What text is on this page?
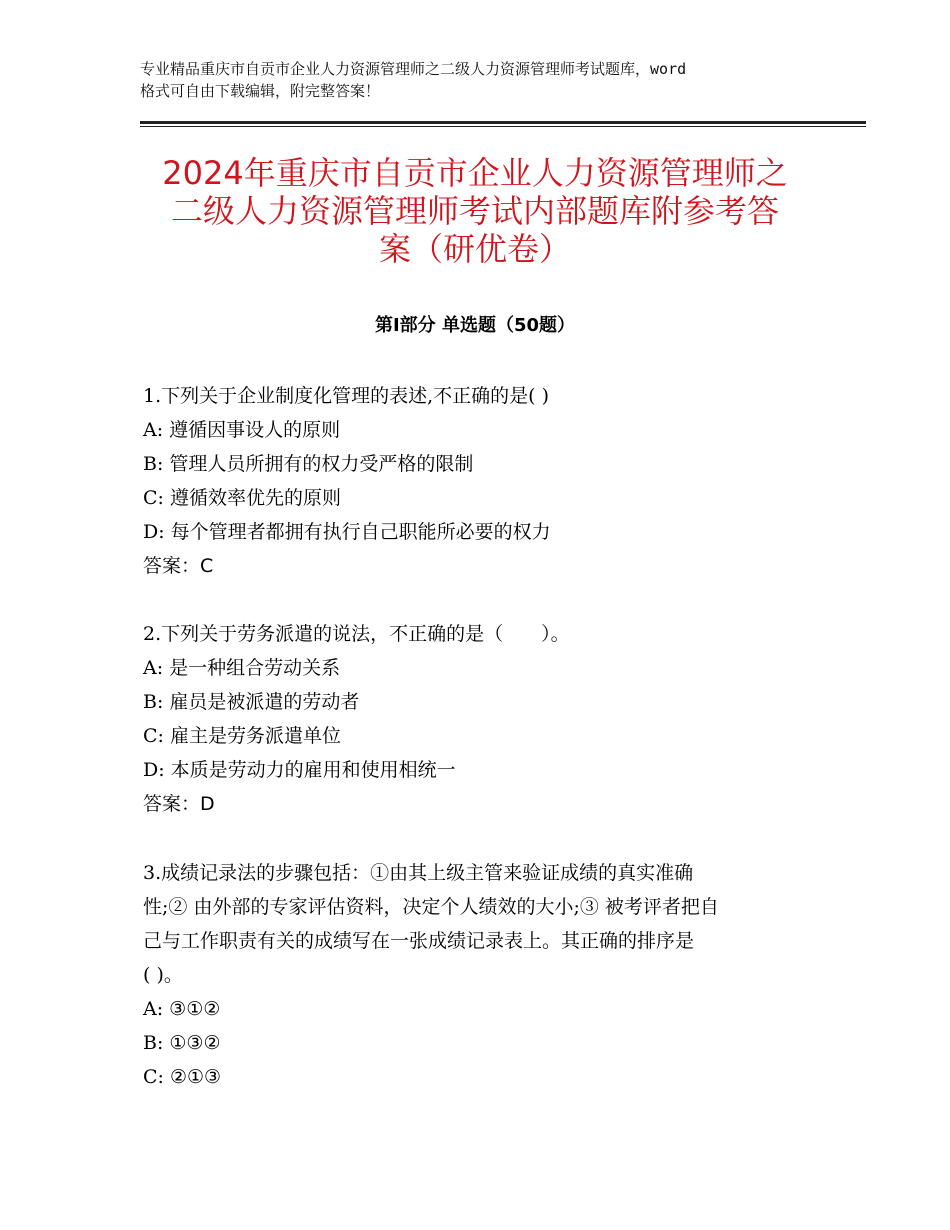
专业精品重庆市自贡市企业人力资源管理师之二级人力资源管理师考试题库，word
格式可自由下载编辑，附完整答案！
2024年重庆市自贡市企业人力资源管理师之
二级人力资源管理师考试内部题库附参考答
案（研优卷）
第Ⅰ部分 单选题（50题）
1.下列关于企业制度化管理的表述,不正确的是( )
A: 遵循因事设人的原则
B: 管理人员所拥有的权力受严格的限制
C: 遵循效率优先的原则
D: 每个管理者都拥有执行自己职能所必要的权力
答案：C
2.下列关于劳务派遣的说法，不正确的是（　　）。
A: 是一种组合劳动关系
B: 雇员是被派遣的劳动者
C: 雇主是劳务派遣单位
D: 本质是劳动力的雇用和使用相统一
答案：D
3.成绩记录法的步骤包括：①由其上级主管来验证成绩的真实准确
性;② 由外部的专家评估资料，决定个人绩效的大小;③ 被考评者把自
己与工作职责有关的成绩写在一张成绩记录表上。其正确的排序是
( )。
A: ③①②
B: ①③②
C: ②①③
